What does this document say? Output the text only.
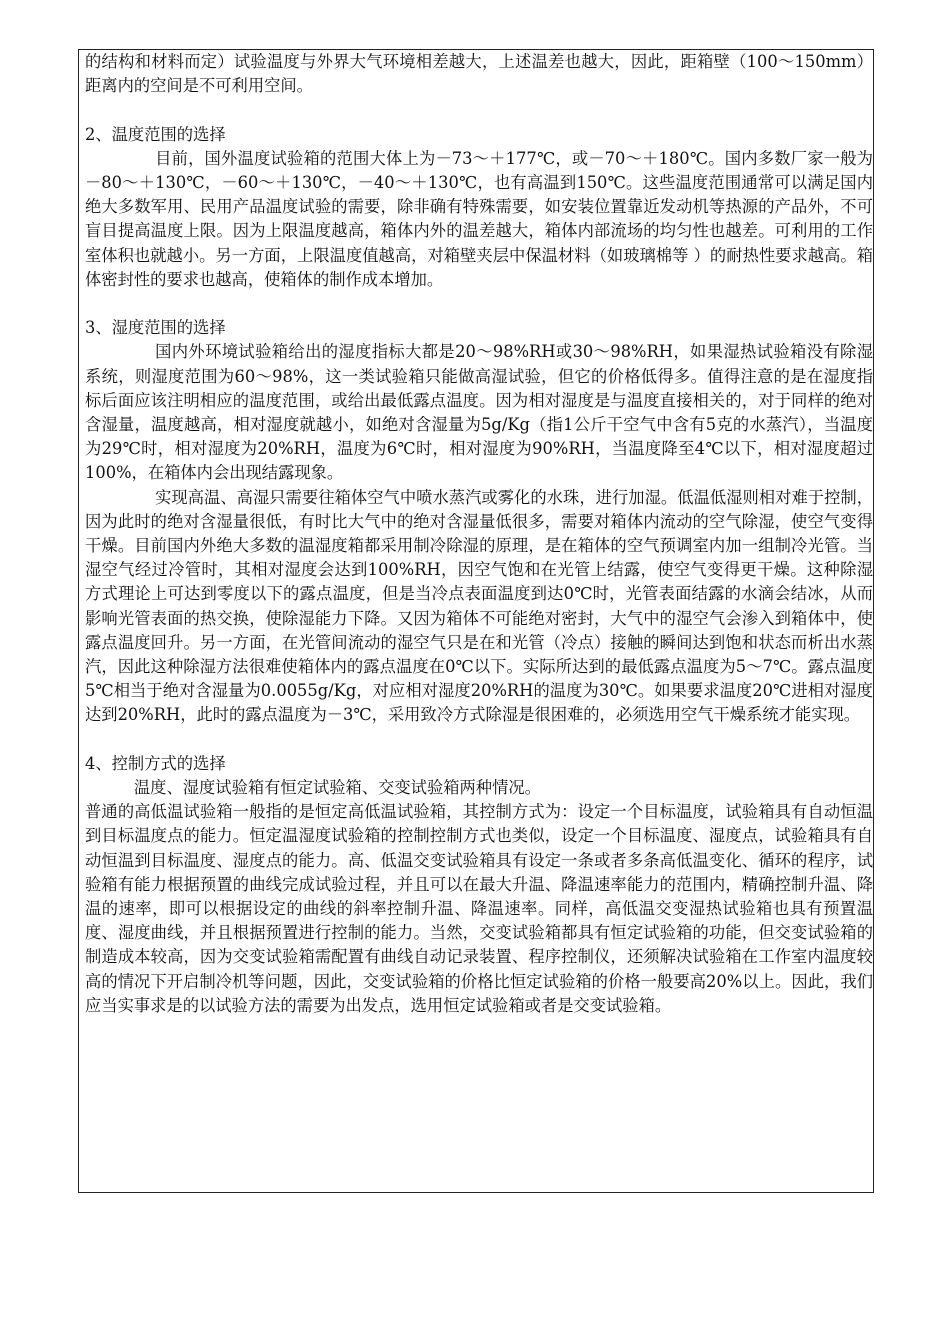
的结构和材料而定）试验温度与外界大气环境相差越大，上述温差也越大，因此，距箱壁（100～150mm）距离内的空间是不可利用空间。

2、温度范围的选择

目前，国外温度试验箱的范围大体上为－73～＋177℃，或－70～＋180℃。国内多数厂家一般为－80～＋130℃，－60～＋130℃，－40～＋130℃，也有高温到150℃。这些温度范围通常可以满足国内绝大多数军用、民用产品温度试验的需要，除非确有特殊需要，如安装位置靠近发动机等热源的产品外，不可盲目提高温度上限。因为上限温度越高，箱体内外的温差越大，箱体内部流场的均匀性也越差。可利用的工作室体积也就越小。另一方面，上限温度值越高，对箱壁夹层中保温材料（如玻璃棉等 ）的耐热性要求越高。箱体密封性的要求也越高，使箱体的制作成本增加。

3、湿度范围的选择

国内外环境试验箱给出的湿度指标大都是20～98%RH或30～98%RH，如果湿热试验箱没有除湿系统，则湿度范围为60～98%，这一类试验箱只能做高湿试验，但它的价格低得多。值得注意的是在湿度指标后面应该注明相应的温度范围，或给出最低露点温度。因为相对湿度是与温度直接相关的，对于同样的绝对含湿量，温度越高，相对湿度就越小，如绝对含湿量为5g/Kg（指1公斤干空气中含有5克的水蒸汽），当温度为29℃时，相对湿度为20%RH，温度为6℃时，相对湿度为90%RH，当温度降至4℃以下，相对湿度超过100%，在箱体内会出现结露现象。

实现高温、高湿只需要往箱体空气中喷水蒸汽或雾化的水珠，进行加湿。低温低湿则相对难于控制，因为此时的绝对含湿量很低，有时比大气中的绝对含湿量低很多，需要对箱体内流动的空气除湿，使空气变得干燥。目前国内外绝大多数的温湿度箱都采用制冷除湿的原理，是在箱体的空气预调室内加一组制冷光管。当湿空气经过冷管时，其相对湿度会达到100%RH，因空气饱和在光管上结露，使空气变得更干燥。这种除湿方式理论上可达到零度以下的露点温度，但是当冷点表面温度到达0℃时，光管表面结露的水滴会结冰，从而影响光管表面的热交换，使除湿能力下降。又因为箱体不可能绝对密封，大气中的湿空气会渗入到箱体中，使露点温度回升。另一方面，在光管间流动的湿空气只是在和光管（冷点）接触的瞬间达到饱和状态而析出水蒸汽，因此这种除湿方法很难使箱体内的露点温度在0℃以下。实际所达到的最低露点温度为5～7℃。露点温度5℃相当于绝对含湿量为0.0055g/Kg，对应相对湿度20%RH的温度为30℃。如果要求温度20℃进相对湿度达到20%RH，此时的露点温度为－3℃，采用致冷方式除湿是很困难的，必须选用空气干燥系统才能实现。

4、控制方式的选择

温度、湿度试验箱有恒定试验箱、交变试验箱两种情况。

普通的高低温试验箱一般指的是恒定高低温试验箱，其控制方式为：设定一个目标温度，试验箱具有自动恒温到目标温度点的能力。恒定温湿度试验箱的控制控制方式也类似，设定一个目标温度、湿度点，试验箱具有自动恒温到目标温度、湿度点的能力。高、低温交变试验箱具有设定一条或者多条高低温变化、循环的程序，试验箱有能力根据预置的曲线完成试验过程，并且可以在最大升温、降温速率能力的范围内，精确控制升温、降温的速率，即可以根据设定的曲线的斜率控制升温、降温速率。同样，高低温交变湿热试验箱也具有预置温度、湿度曲线，并且根据预置进行控制的能力。当然，交变试验箱都具有恒定试验箱的功能，但交变试验箱的制造成本较高，因为交变试验箱需配置有曲线自动记录装置、程序控制仪，还须解决试验箱在工作室内温度较高的情况下开启制冷机等问题，因此，交变试验箱的价格比恒定试验箱的价格一般要高20%以上。因此，我们应当实事求是的以试验方法的需要为出发点，选用恒定试验箱或者是交变试验箱。
